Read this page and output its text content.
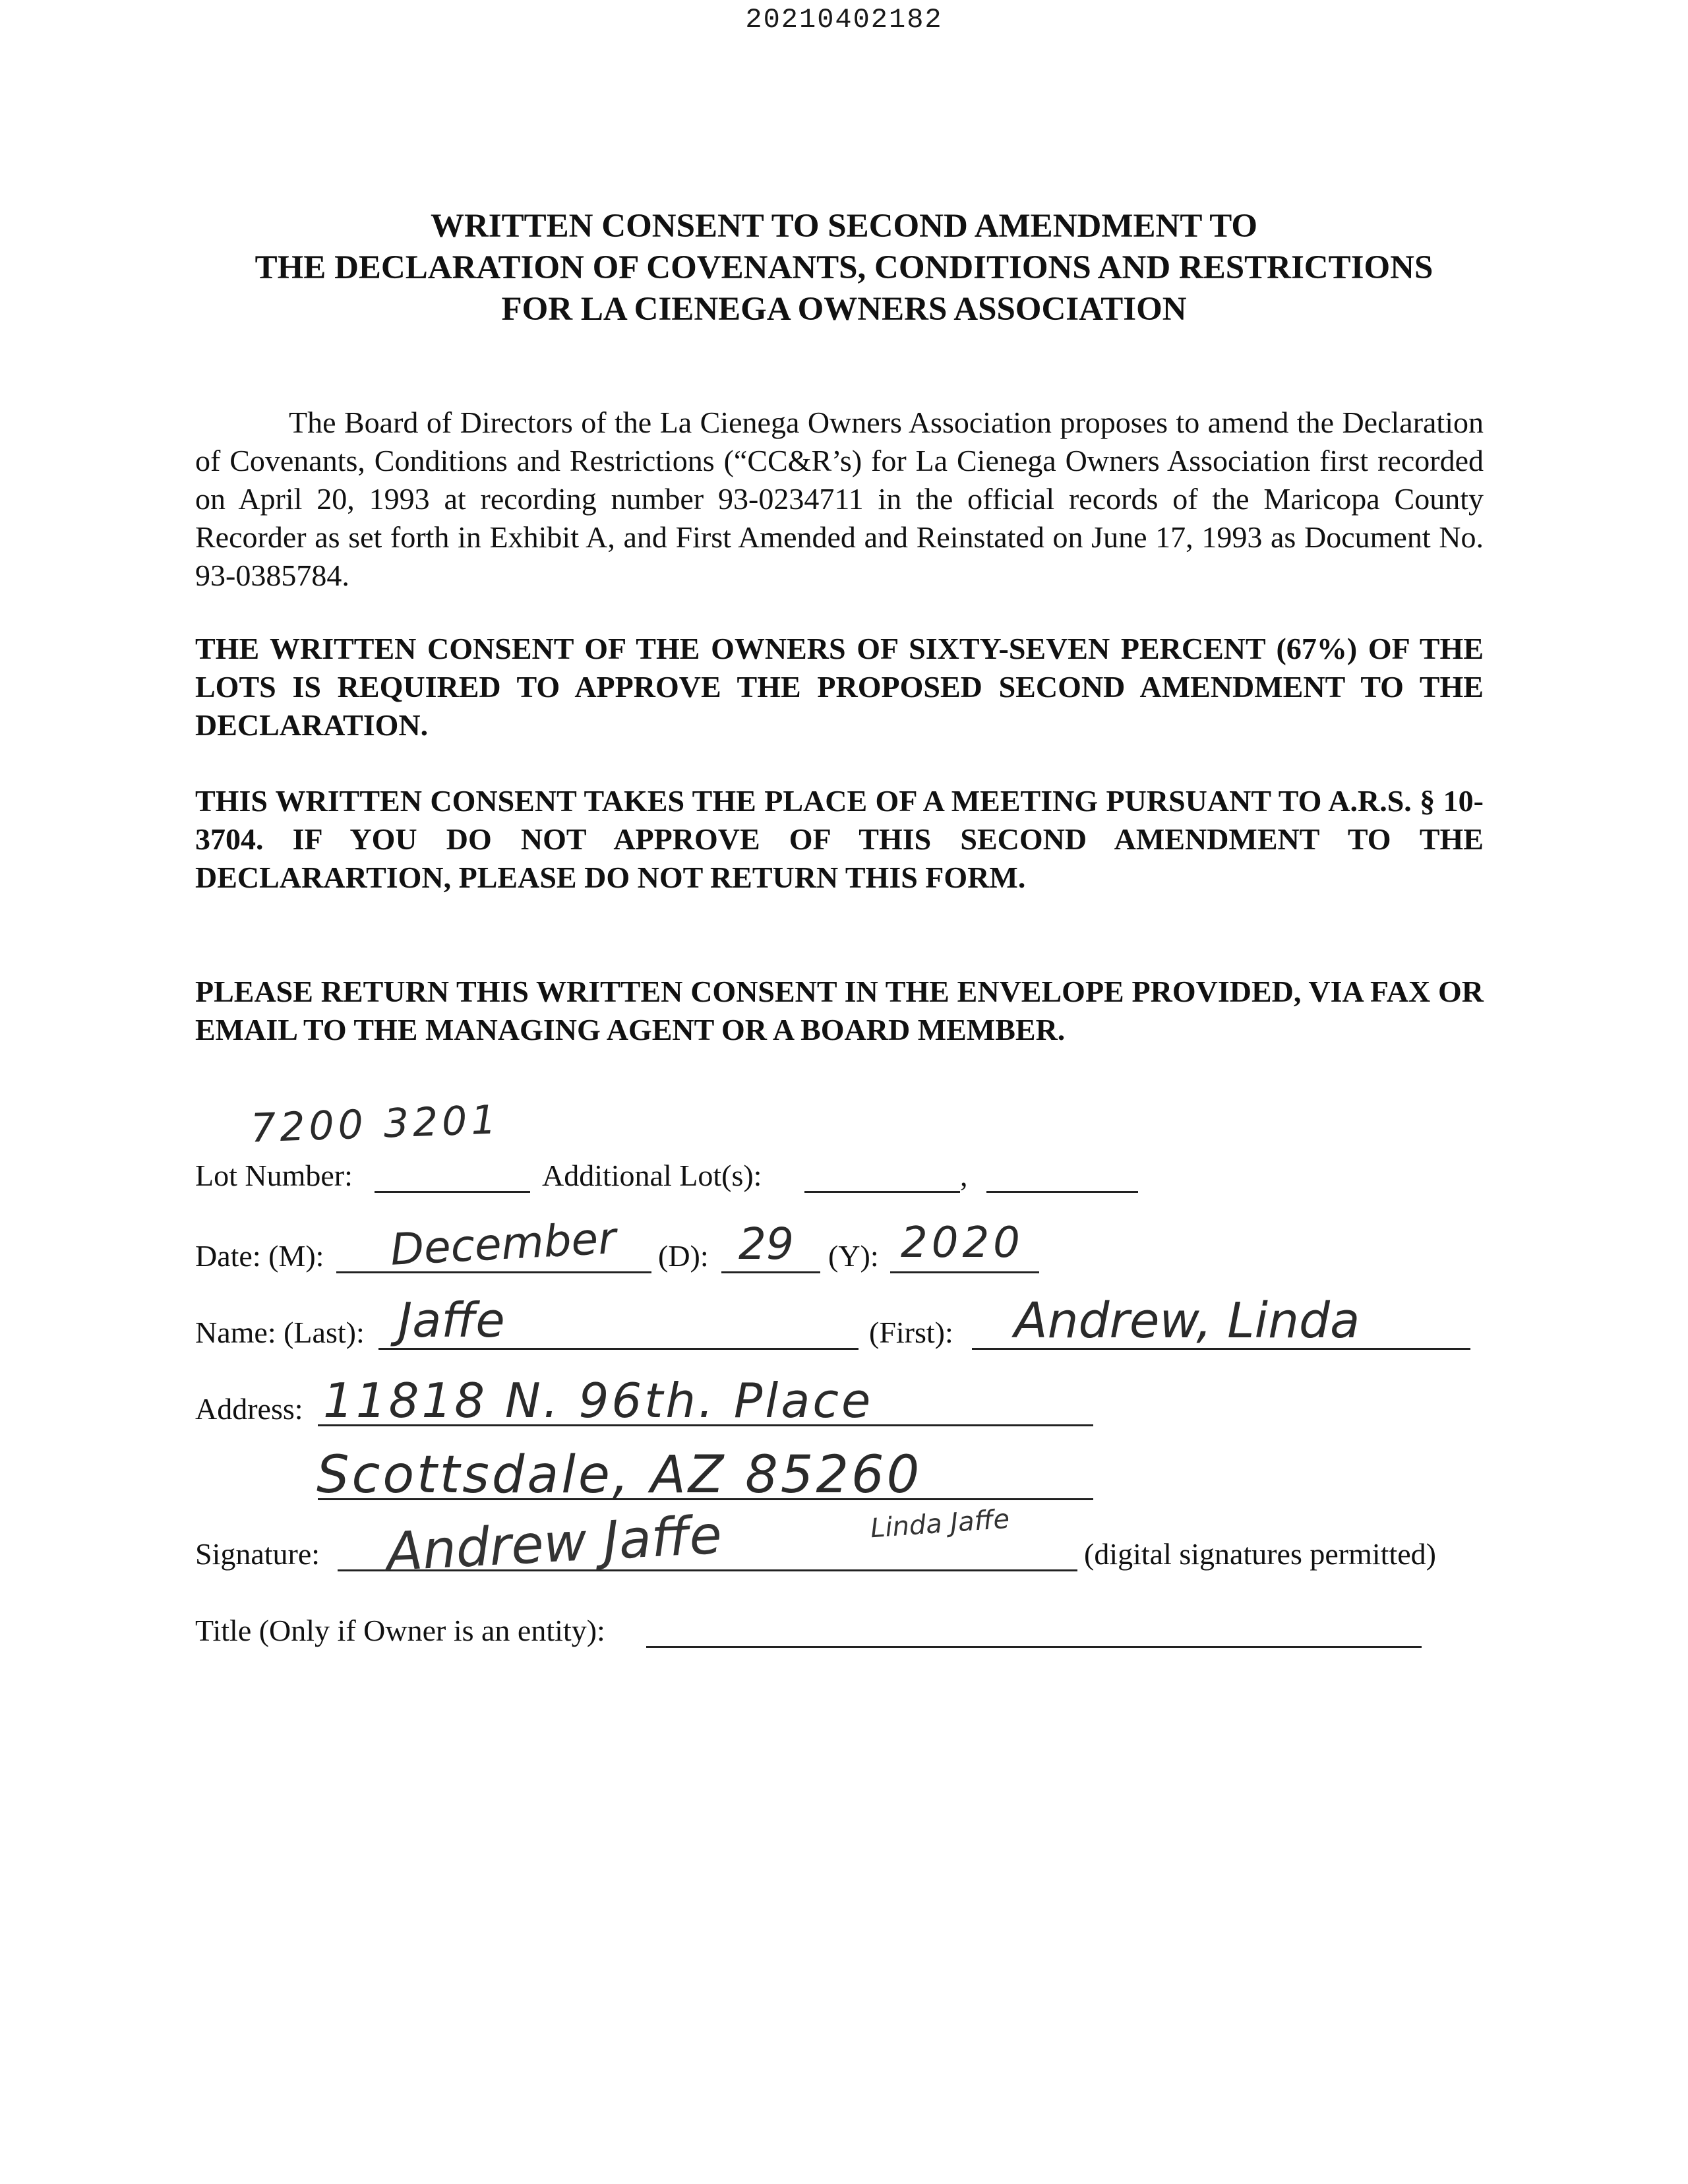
20210402182
WRITTEN CONSENT TO SECOND AMENDMENT TO
THE DECLARATION OF COVENANTS, CONDITIONS AND RESTRICTIONS
FOR LA CIENEGA OWNERS ASSOCIATION
The Board of Directors of the La Cienega Owners Association proposes to amend the Declaration of Covenants, Conditions and Restrictions (“CC&R’s) for La Cienega Owners Association first recorded on April 20, 1993 at recording number 93-0234711 in the official records of the Maricopa County Recorder as set forth in Exhibit A, and First Amended and Reinstated on June 17, 1993 as Document No. 93-0385784.
THE WRITTEN CONSENT OF THE OWNERS OF SIXTY-SEVEN PERCENT (67%) OF THE LOTS IS REQUIRED TO APPROVE THE PROPOSED SECOND AMENDMENT TO THE DECLARATION.
THIS WRITTEN CONSENT TAKES THE PLACE OF A MEETING PURSUANT TO A.R.S. § 10-3704. IF YOU DO NOT APPROVE OF THIS SECOND AMENDMENT TO THE DECLARARTION, PLEASE DO NOT RETURN THIS FORM.
PLEASE RETURN THIS WRITTEN CONSENT IN THE ENVELOPE PROVIDED, VIA FAX OR EMAIL TO THE MANAGING AGENT OR A BOARD MEMBER.
7200 3201
Lot Number:	Additional Lot(s):	,
Date: (M): December (D): 29 (Y): 2020
Name: (Last): Jaffe	(First): Andrew, Linda
Address: 11818 N. 96th. Place
Scottsdale, AZ 85260
Signature: Andrew Jaffe	Linda Jaffe
(digital signatures permitted)
Title (Only if Owner is an entity):
